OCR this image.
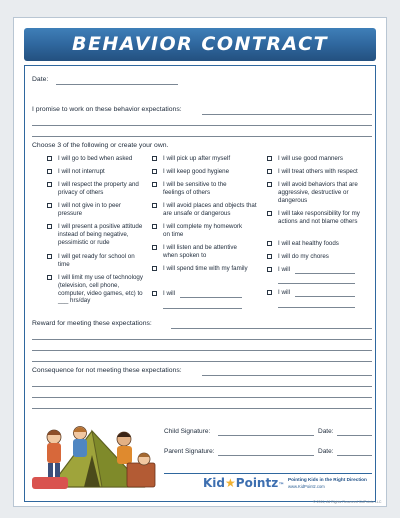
BEHAVIOR CONTRACT
Date:
I promise to work on these behavior expectations:
Choose 3 of the following or create your own.
I will go to bed when asked
I will not interrupt
I will respect the property and privacy of others
I will not give in to peer pressure
I will present a positive attitude instead of being negative, pessimistic or rude
I will get ready for school on time
I will limit my use of technology (television, cell phone, computer, video games, etc) to ___ hrs/day
I will pick up after myself
I will keep good hygiene
I will be sensitive to the feelings of others
I will avoid places and objects that are unsafe or dangerous
I will complete my homework on time
I will listen and be attentive when spoken to
I will spend time with my family
I will
I will use good manners
I will treat others with respect
I will avoid behaviors that are aggressive, destructive or dangerous
I will take responsibility for my actions and not blame others
I will eat healthy foods
I will do my chores
I will
I will
Reward for meeting these expectations:
Consequence for not meeting these expectations:
Child Signature:	Date:
Parent Signature:	Date:
Kid★Pointz™
Pointing Kids in the Right Direction
www.KidPointz.com
© 2011, All Rights Reserved KidPointz LLC
